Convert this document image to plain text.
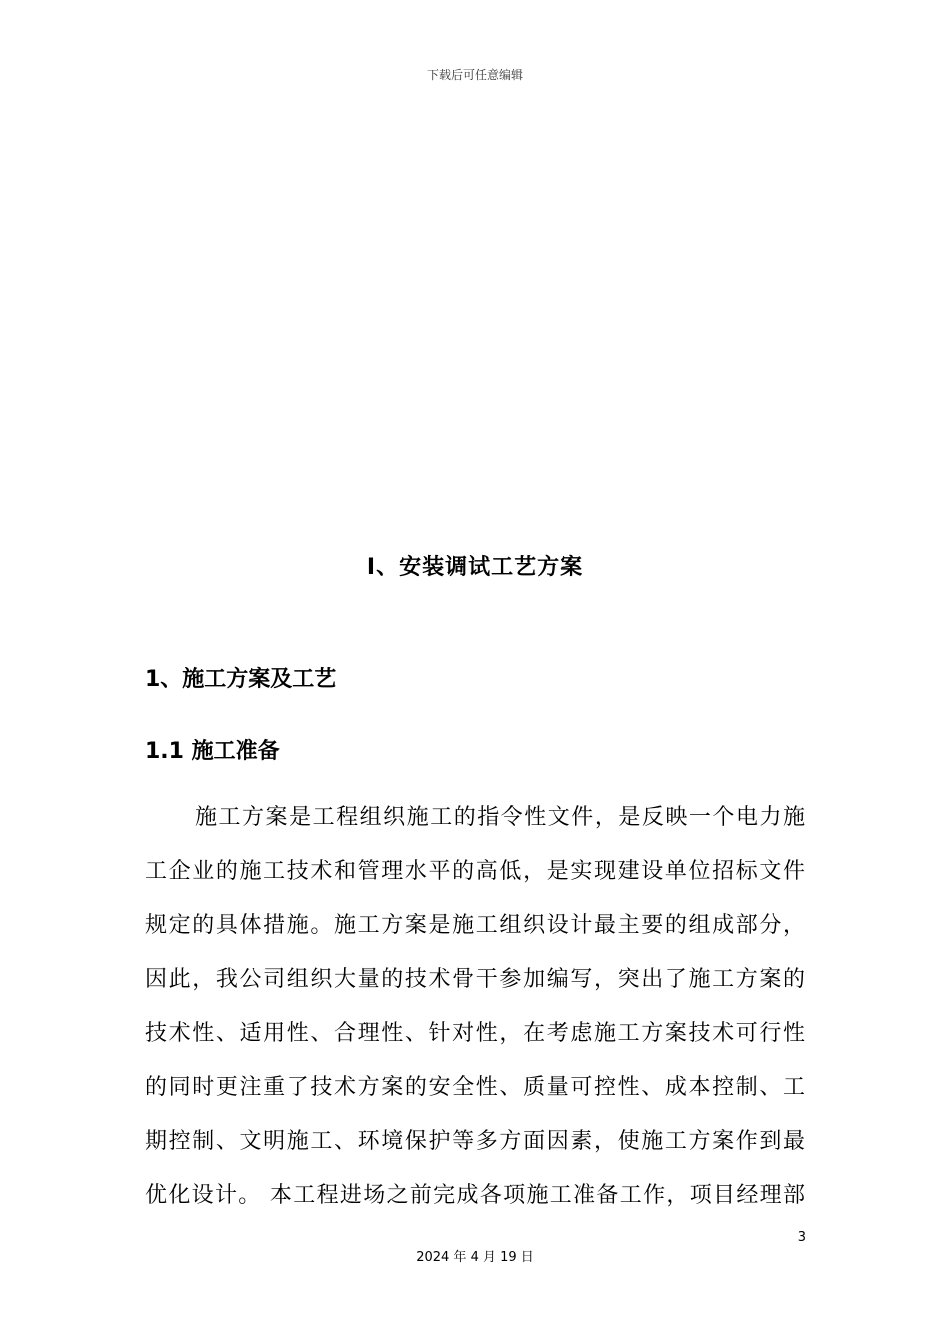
下载后可任意编辑
Ⅰ、安装调试工艺方案
1、施工方案及工艺
1.1 施工准备
施工方案是工程组织施工的指令性文件，是反映一个电力施
工企业的施工技术和管理水平的高低，是实现建设单位招标文件
规定的具体措施。施工方案是施工组织设计最主要的组成部分，
因此，我公司组织大量的技术骨干参加编写，突出了施工方案的
技术性、适用性、合理性、针对性，在考虑施工方案技术可行性
的同时更注重了技术方案的安全性、质量可控性、成本控制、工
期控制、文明施工、环境保护等多方面因素，使施工方案作到最
优化设计。 本工程进场之前完成各项施工准备工作，项目经理部
3
2024 年 4 月 19 日
